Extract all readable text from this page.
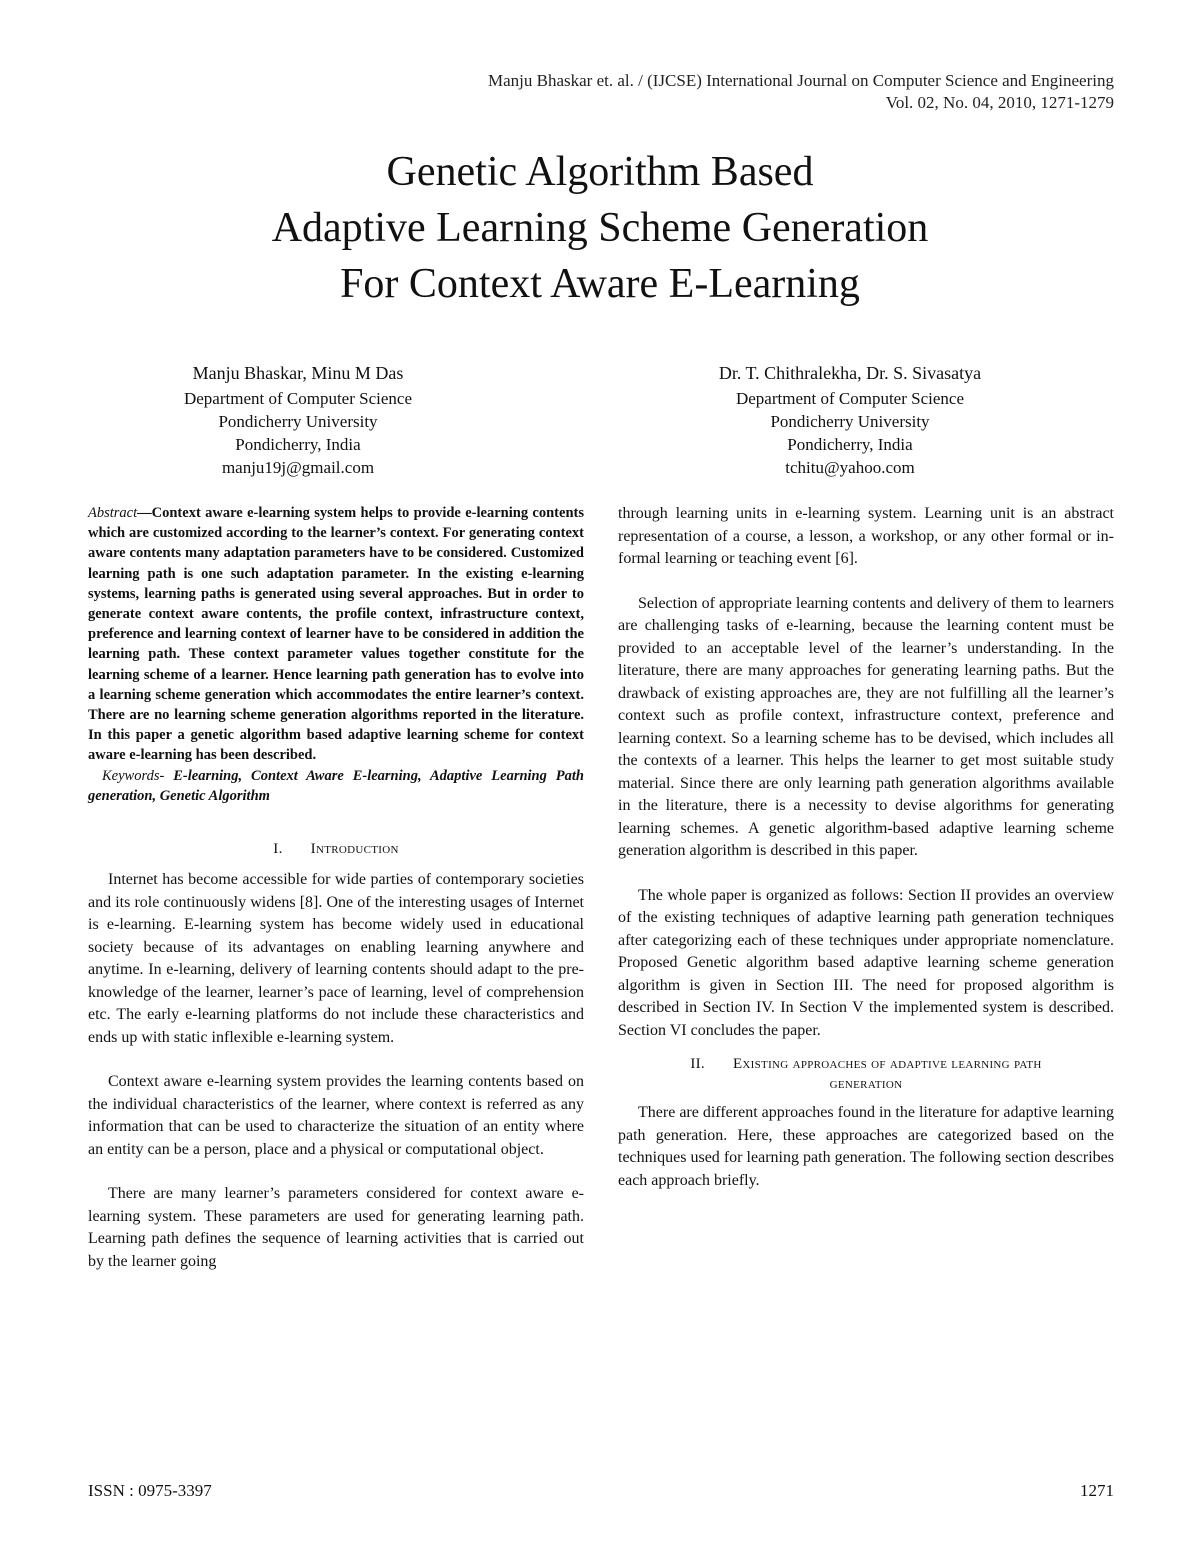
Manju Bhaskar et. al. / (IJCSE) International Journal on Computer Science and Engineering
Vol. 02, No. 04, 2010, 1271-1279
Genetic Algorithm Based
Adaptive Learning Scheme Generation
For Context Aware E-Learning
Manju Bhaskar, Minu M Das
Department of Computer Science
Pondicherry University
Pondicherry, India
manju19j@gmail.com
Dr. T. Chithralekha, Dr. S. Sivasatya
Department of Computer Science
Pondicherry University
Pondicherry, India
tchitu@yahoo.com

Abstract—Context aware e-learning system helps to provide e-learning contents which are customized according to the learner’s context. For generating context aware contents many adaptation parameters have to be considered. Customized learning path is one such adaptation parameter. In the existing e-learning systems, learning paths is generated using several approaches. But in order to generate context aware contents, the profile context, infrastructure context, preference and learning context of learner have to be considered in addition the learning path. These context parameter values together constitute for the learning scheme of a learner. Hence learning path generation has to evolve into a learning scheme generation which accommodates the entire learner’s context. There are no learning scheme generation algorithms reported in the literature. In this paper a genetic algorithm based adaptive learning scheme for context aware e-learning has been described.

Keywords- E-learning, Context Aware E-learning, Adaptive Learning Path generation, Genetic Algorithm

I. Introduction

Internet has become accessible for wide parties of contemporary societies and its role continuously widens [8]. One of the interesting usages of Internet is e-learning. E-learning system has become widely used in educational society because of its advantages on enabling learning anywhere and anytime. In e-learning, delivery of learning contents should adapt to the pre-knowledge of the learner, learner’s pace of learning, level of comprehension etc. The early e-learning platforms do not include these characteristics and ends up with static inflexible e-learning system.

Context aware e-learning system provides the learning contents based on the individual characteristics of the learner, where context is referred as any information that can be used to characterize the situation of an entity where an entity can be a person, place and a physical or computational object.

There are many learner’s parameters considered for context aware e-learning system. These parameters are used for generating learning path. Learning path defines the sequence of learning activities that is carried out by the learner going

through learning units in e-learning system. Learning unit is an abstract representation of a course, a lesson, a workshop, or any other formal or in-formal learning or teaching event [6].

Selection of appropriate learning contents and delivery of them to learners are challenging tasks of e-learning, because the learning content must be provided to an acceptable level of the learner’s understanding. In the literature, there are many approaches for generating learning paths. But the drawback of existing approaches are, they are not fulfilling all the learner’s context such as profile context, infrastructure context, preference and learning context. So a learning scheme has to be devised, which includes all the contexts of a learner. This helps the learner to get most suitable study material. Since there are only learning path generation algorithms available in the literature, there is a necessity to devise algorithms for generating learning schemes. A genetic algorithm-based adaptive learning scheme generation algorithm is described in this paper.

The whole paper is organized as follows: Section II provides an overview of the existing techniques of adaptive learning path generation techniques after categorizing each of these techniques under appropriate nomenclature. Proposed Genetic algorithm based adaptive learning scheme generation algorithm is given in Section III. The need for proposed algorithm is described in Section IV. In Section V the implemented system is described. Section VI concludes the paper.

II. Existing approaches of adaptive learning path
generation

There are different approaches found in the literature for adaptive learning path generation. Here, these approaches are categorized based on the techniques used for learning path generation. The following section describes each approach briefly.

ISSN : 0975-3397	1271
